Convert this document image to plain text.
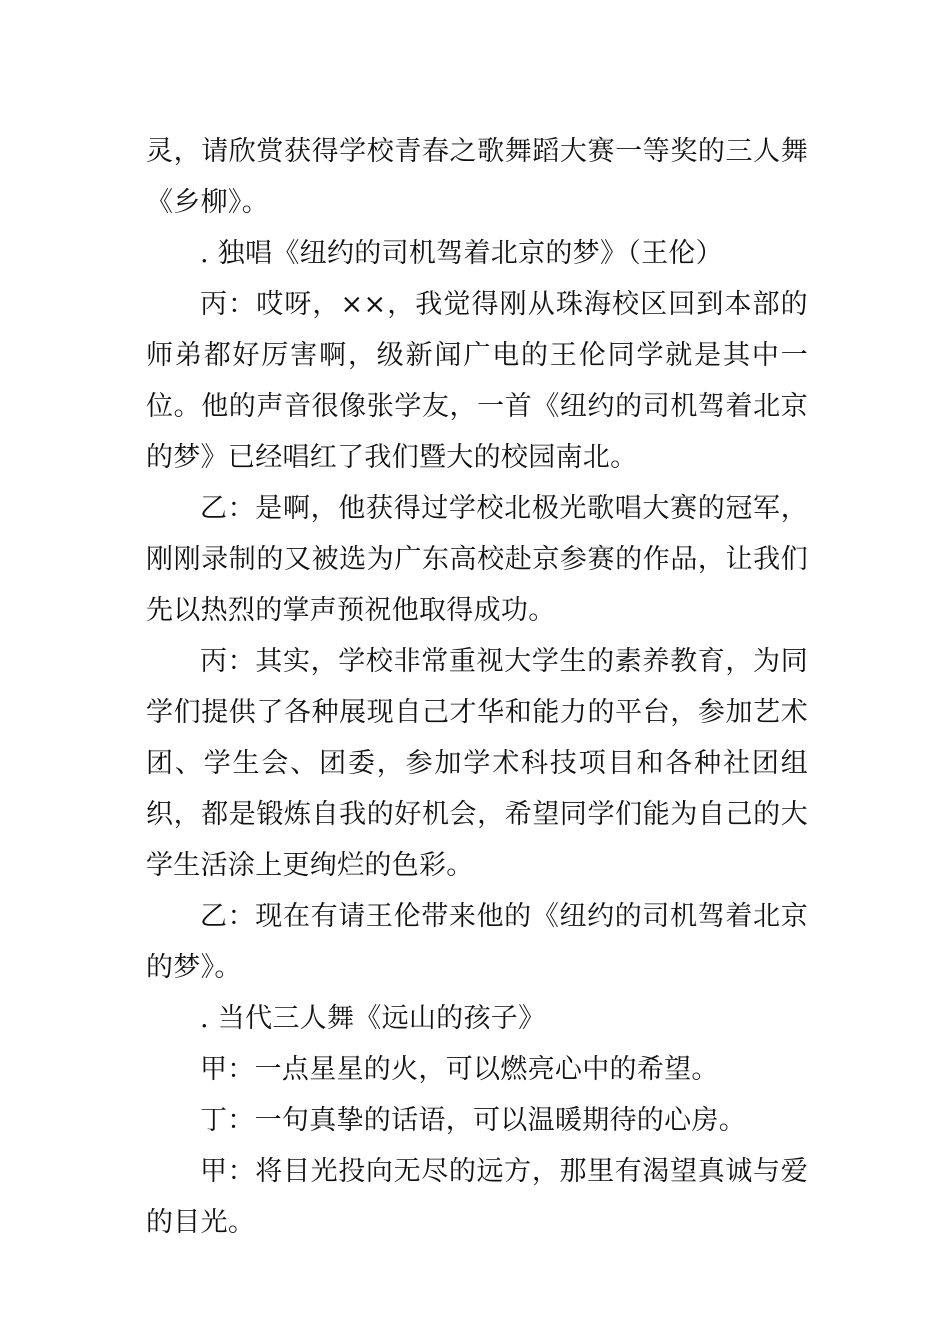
灵，请欣赏获得学校青春之歌舞蹈大赛一等奖的三人舞《乡柳》。

. 独唱《纽约的司机驾着北京的梦》（王伦）

丙：哎呀，××，我觉得刚从珠海校区回到本部的师弟都好厉害啊，级新闻广电的王伦同学就是其中一位。他的声音很像张学友，一首《纽约的司机驾着北京的梦》已经唱红了我们暨大的校园南北。

乙：是啊，他获得过学校北极光歌唱大赛的冠军，刚刚录制的又被选为广东高校赴京参赛的作品，让我们先以热烈的掌声预祝他取得成功。

丙：其实，学校非常重视大学生的素养教育，为同学们提供了各种展现自己才华和能力的平台，参加艺术团、学生会、团委，参加学术科技项目和各种社团组织，都是锻炼自我的好机会，希望同学们能为自己的大学生活涂上更绚烂的色彩。

乙：现在有请王伦带来他的《纽约的司机驾着北京的梦》。

. 当代三人舞《远山的孩子》

甲：一点星星的火，可以燃亮心中的希望。

丁：一句真挚的话语，可以温暖期待的心房。

甲：将目光投向无尽的远方，那里有渴望真诚与爱的目光。
